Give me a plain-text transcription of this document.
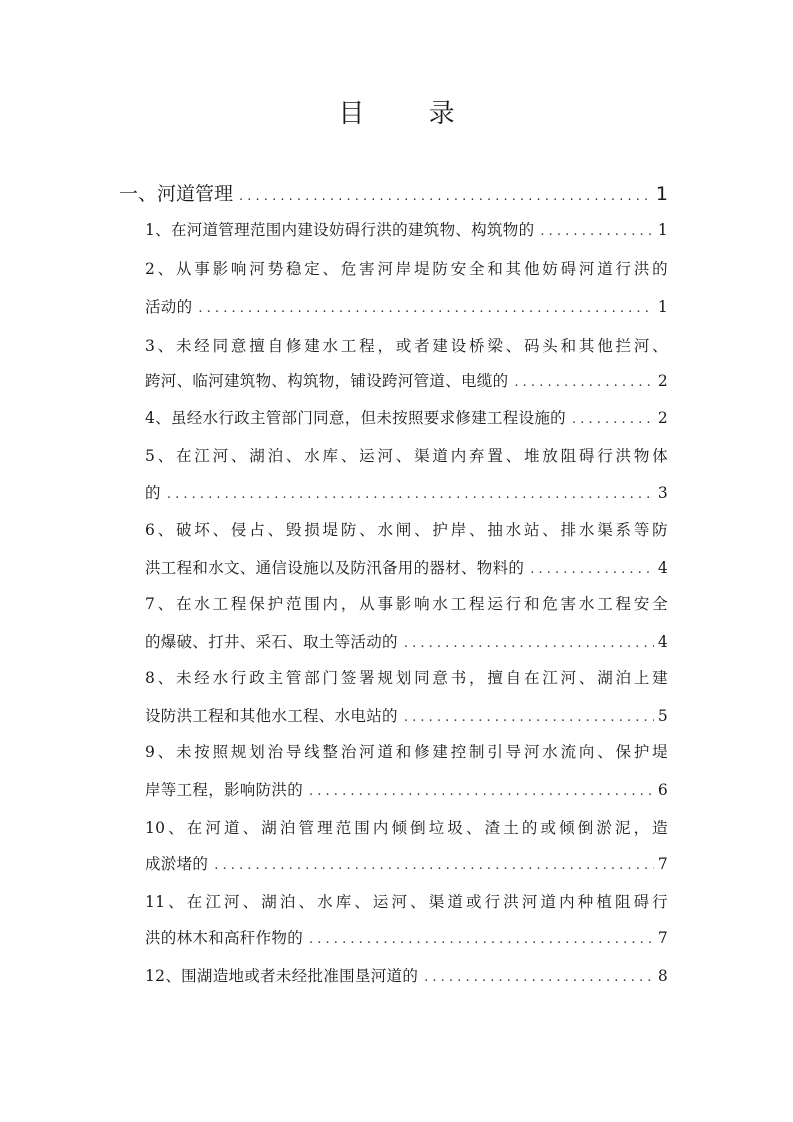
目 录
一、河道管理 . . .	1
1、在河道管理范围内建设妨碍行洪的建筑物、构筑物的 . . .	1
2、从事影响河势稳定、危害河岸堤防安全和其他妨碍河道行洪的
活动的 . . .	1
3、未经同意擅自修建水工程，或者建设桥梁、码头和其他拦河、
跨河、临河建筑物、构筑物，铺设跨河管道、电缆的 . . .	2
4、虽经水行政主管部门同意，但未按照要求修建工程设施的 . . .	2
5、在江河、湖泊、水库、运河、渠道内弃置、堆放阻碍行洪物体
的 . . .	3
6、破坏、侵占、毁损堤防、水闸、护岸、抽水站、排水渠系等防
洪工程和水文、通信设施以及防汛备用的器材、物料的 . . .	4
7、在水工程保护范围内，从事影响水工程运行和危害水工程安全
的爆破、打井、采石、取土等活动的 . . .	4
8、未经水行政主管部门签署规划同意书，擅自在江河、湖泊上建
设防洪工程和其他水工程、水电站的 . . .	5
9、未按照规划治导线整治河道和修建控制引导河水流向、保护堤
岸等工程，影响防洪的 . . .	6
10、在河道、湖泊管理范围内倾倒垃圾、渣土的或倾倒淤泥，造
成淤堵的 . . .	7
11、在江河、湖泊、水库、运河、渠道或行洪河道内种植阻碍行
洪的林木和高秆作物的 . . .	7
12、围湖造地或者未经批准围垦河道的 . . .	8
